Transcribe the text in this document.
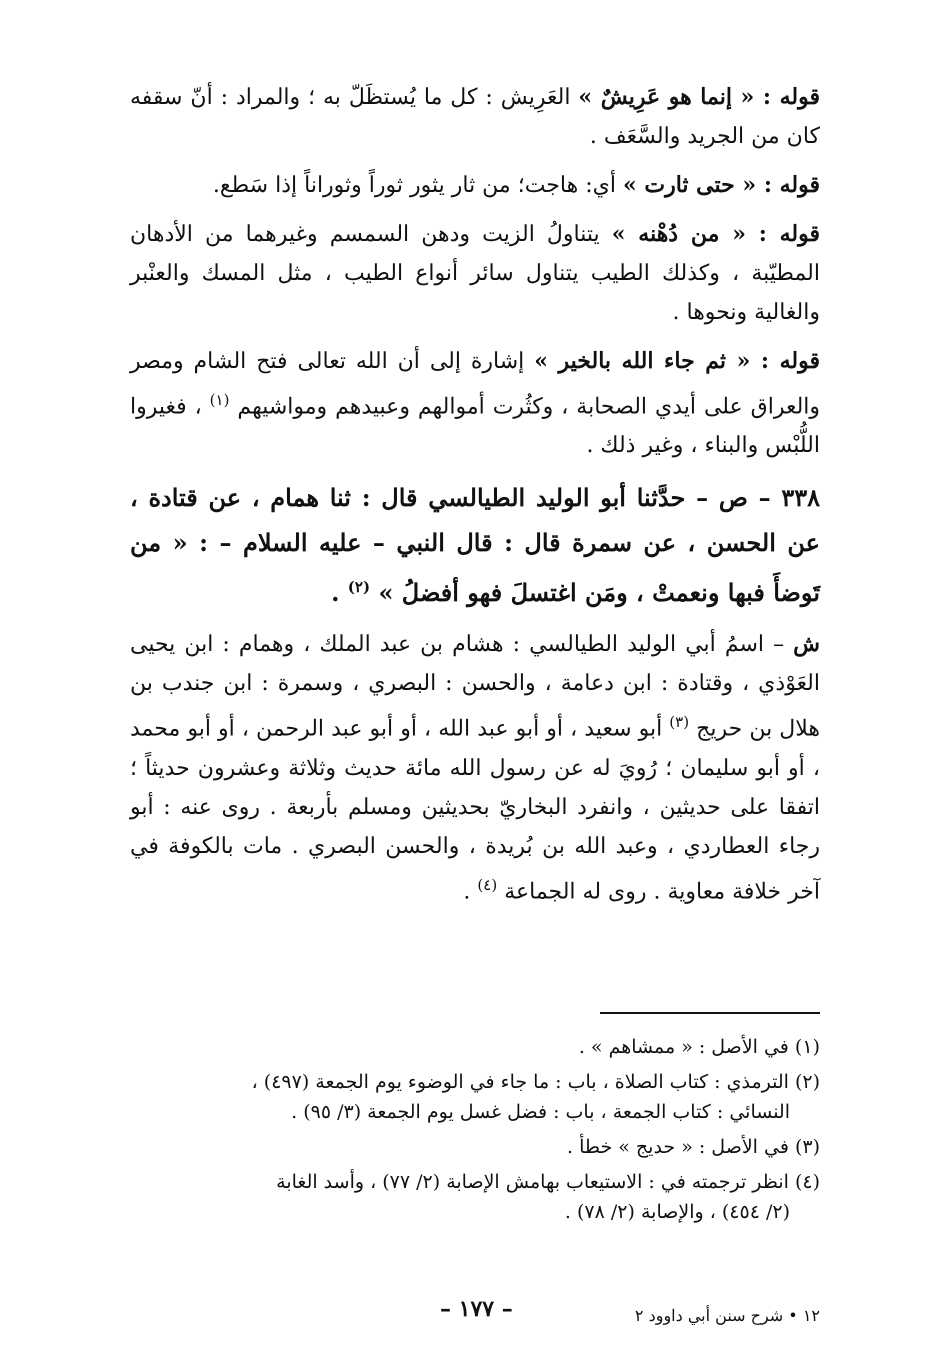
قوله : « إنما هو عَرِيشٌ » العَرِيش : كل ما يُستظَلّ به ؛ والمراد : أنّ سقفه كان من الجريد والسَّعَف .

قوله : « حتى ثارت » أي: هاجت؛ من ثار يثور ثوراً وثوراناً إذا سَطع.

قوله : « من دُهْنه » يتناولُ الزيت ودهن السمسم وغيرهما من الأدهان المطيّبة ، وكذلك الطيب يتناول سائر أنواع الطيب ، مثل المسك والعنْبر والغالية ونحوها .

قوله : « ثم جاء الله بالخير » إشارة إلى أن الله تعالى فتح الشام ومصر والعراق على أيدي الصحابة ، وكثُرت أموالهم وعبيدهم ومواشيهم $^{(١)}$ ، فغيروا اللُّبْس والبناء ، وغير ذلك .

٣٣٨ – ص – حدَّثنا أبو الوليد الطيالسي قال : ثنا همام ، عن قتادة ، عن الحسن ، عن سمرة قال : قال النبي – عليه السلام – : « من تَوضأَ فبها ونعمتْ ، ومَن اغتسلَ فهو أفضلُ » $^{(٢)}$ .

ش – اسمُ أبي الوليد الطيالسي : هشام بن عبد الملك ، وهمام : ابن يحيى العَوْذي ، وقتادة : ابن دعامة ، والحسن : البصري ، وسمرة : ابن جندب بن هلال بن حريج $^{(٣)}$ أبو سعيد ، أو أبو عبد الله ، أو أبو عبد الرحمن ، أو أبو محمد ، أو أبو سليمان ؛ رُويَ له عن رسول الله مائة حديث وثلاثة وعشرون حديثاً ؛ اتفقا على حديثين ، وانفرد البخاريّ بحديثين ومسلم بأربعة . روى عنه : أبو رجاء العطاردي ، وعبد الله بن بُريدة ، والحسن البصري . مات بالكوفة في آخر خلافة معاوية . روى له الجماعة $^{(٤)}$ .

(١) في الأصل : « ممشاهم » .

(٢) الترمذي : كتاب الصلاة ، باب : ما جاء في الوضوء يوم الجمعة (٤٩٧) ،
النسائي : كتاب الجمعة ، باب : فضل غسل يوم الجمعة (٣/ ٩٥) .

(٣) في الأصل : « حديج » خطأ .

(٤) انظر ترجمته في : الاستيعاب بهامش الإصابة (٢/ ٧٧) ، وأسد الغابة
(٢/ ٤٥٤) ، والإصابة (٢/ ٧٨) .

– ١٧٧ –	١٢ • شرح سنن أبي داوود ٢
